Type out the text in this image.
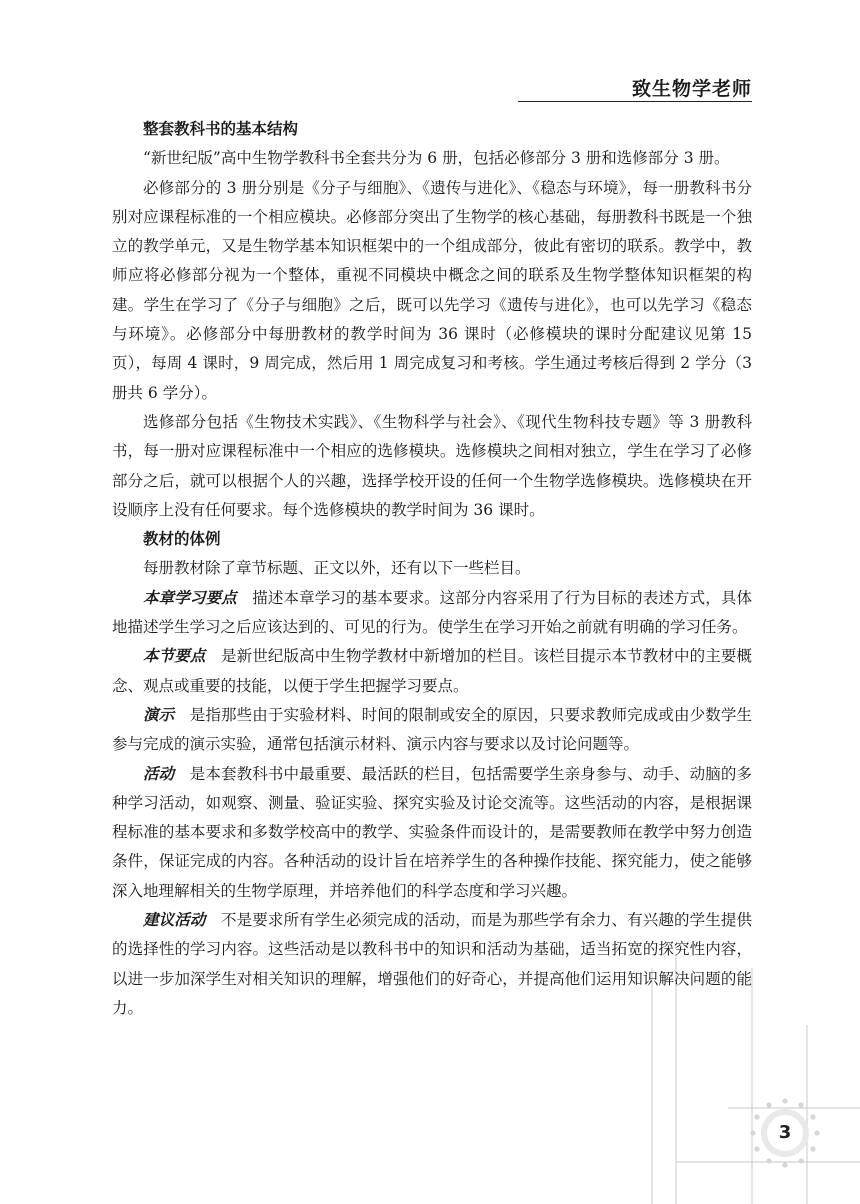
致生物学老师
整套教科书的基本结构

“新世纪版”高中生物学教科书全套共分为 6 册，包括必修部分 3 册和选修部分 3 册。

必修部分的 3 册分别是《分子与细胞》、《遗传与进化》、《稳态与环境》，每一册教科书分别对应课程标准的一个相应模块。必修部分突出了生物学的核心基础，每册教科书既是一个独立的教学单元，又是生物学基本知识框架中的一个组成部分，彼此有密切的联系。教学中，教师应将必修部分视为一个整体，重视不同模块中概念之间的联系及生物学整体知识框架的构建。学生在学习了《分子与细胞》之后，既可以先学习《遗传与进化》，也可以先学习《稳态与环境》。必修部分中每册教材的教学时间为 36 课时（必修模块的课时分配建议见第 15 页），每周 4 课时，9 周完成，然后用 1 周完成复习和考核。学生通过考核后得到 2 学分（3 册共 6 学分）。

选修部分包括《生物技术实践》、《生物科学与社会》、《现代生物科技专题》等 3 册教科书，每一册对应课程标准中一个相应的选修模块。选修模块之间相对独立，学生在学习了必修部分之后，就可以根据个人的兴趣，选择学校开设的任何一个生物学选修模块。选修模块在开设顺序上没有任何要求。每个选修模块的教学时间为 36 课时。

教材的体例

每册教材除了章节标题、正文以外，还有以下一些栏目。

本章学习要点 描述本章学习的基本要求。这部分内容采用了行为目标的表述方式，具体地描述学生学习之后应该达到的、可见的行为。使学生在学习开始之前就有明确的学习任务。

本节要点 是新世纪版高中生物学教材中新增加的栏目。该栏目提示本节教材中的主要概念、观点或重要的技能，以便于学生把握学习要点。

演示 是指那些由于实验材料、时间的限制或安全的原因，只要求教师完成或由少数学生参与完成的演示实验，通常包括演示材料、演示内容与要求以及讨论问题等。

活动 是本套教科书中最重要、最活跃的栏目，包括需要学生亲身参与、动手、动脑的多种学习活动，如观察、测量、验证实验、探究实验及讨论交流等。这些活动的内容，是根据课程标准的基本要求和多数学校高中的教学、实验条件而设计的，是需要教师在教学中努力创造条件，保证完成的内容。各种活动的设计旨在培养学生的各种操作技能、探究能力，使之能够深入地理解相关的生物学原理，并培养他们的科学态度和学习兴趣。

建议活动 不是要求所有学生必须完成的活动，而是为那些学有余力、有兴趣的学生提供的选择性的学习内容。这些活动是以教科书中的知识和活动为基础，适当拓宽的探究性内容，以进一步加深学生对相关知识的理解，增强他们的好奇心，并提高他们运用知识解决问题的能力。

3
